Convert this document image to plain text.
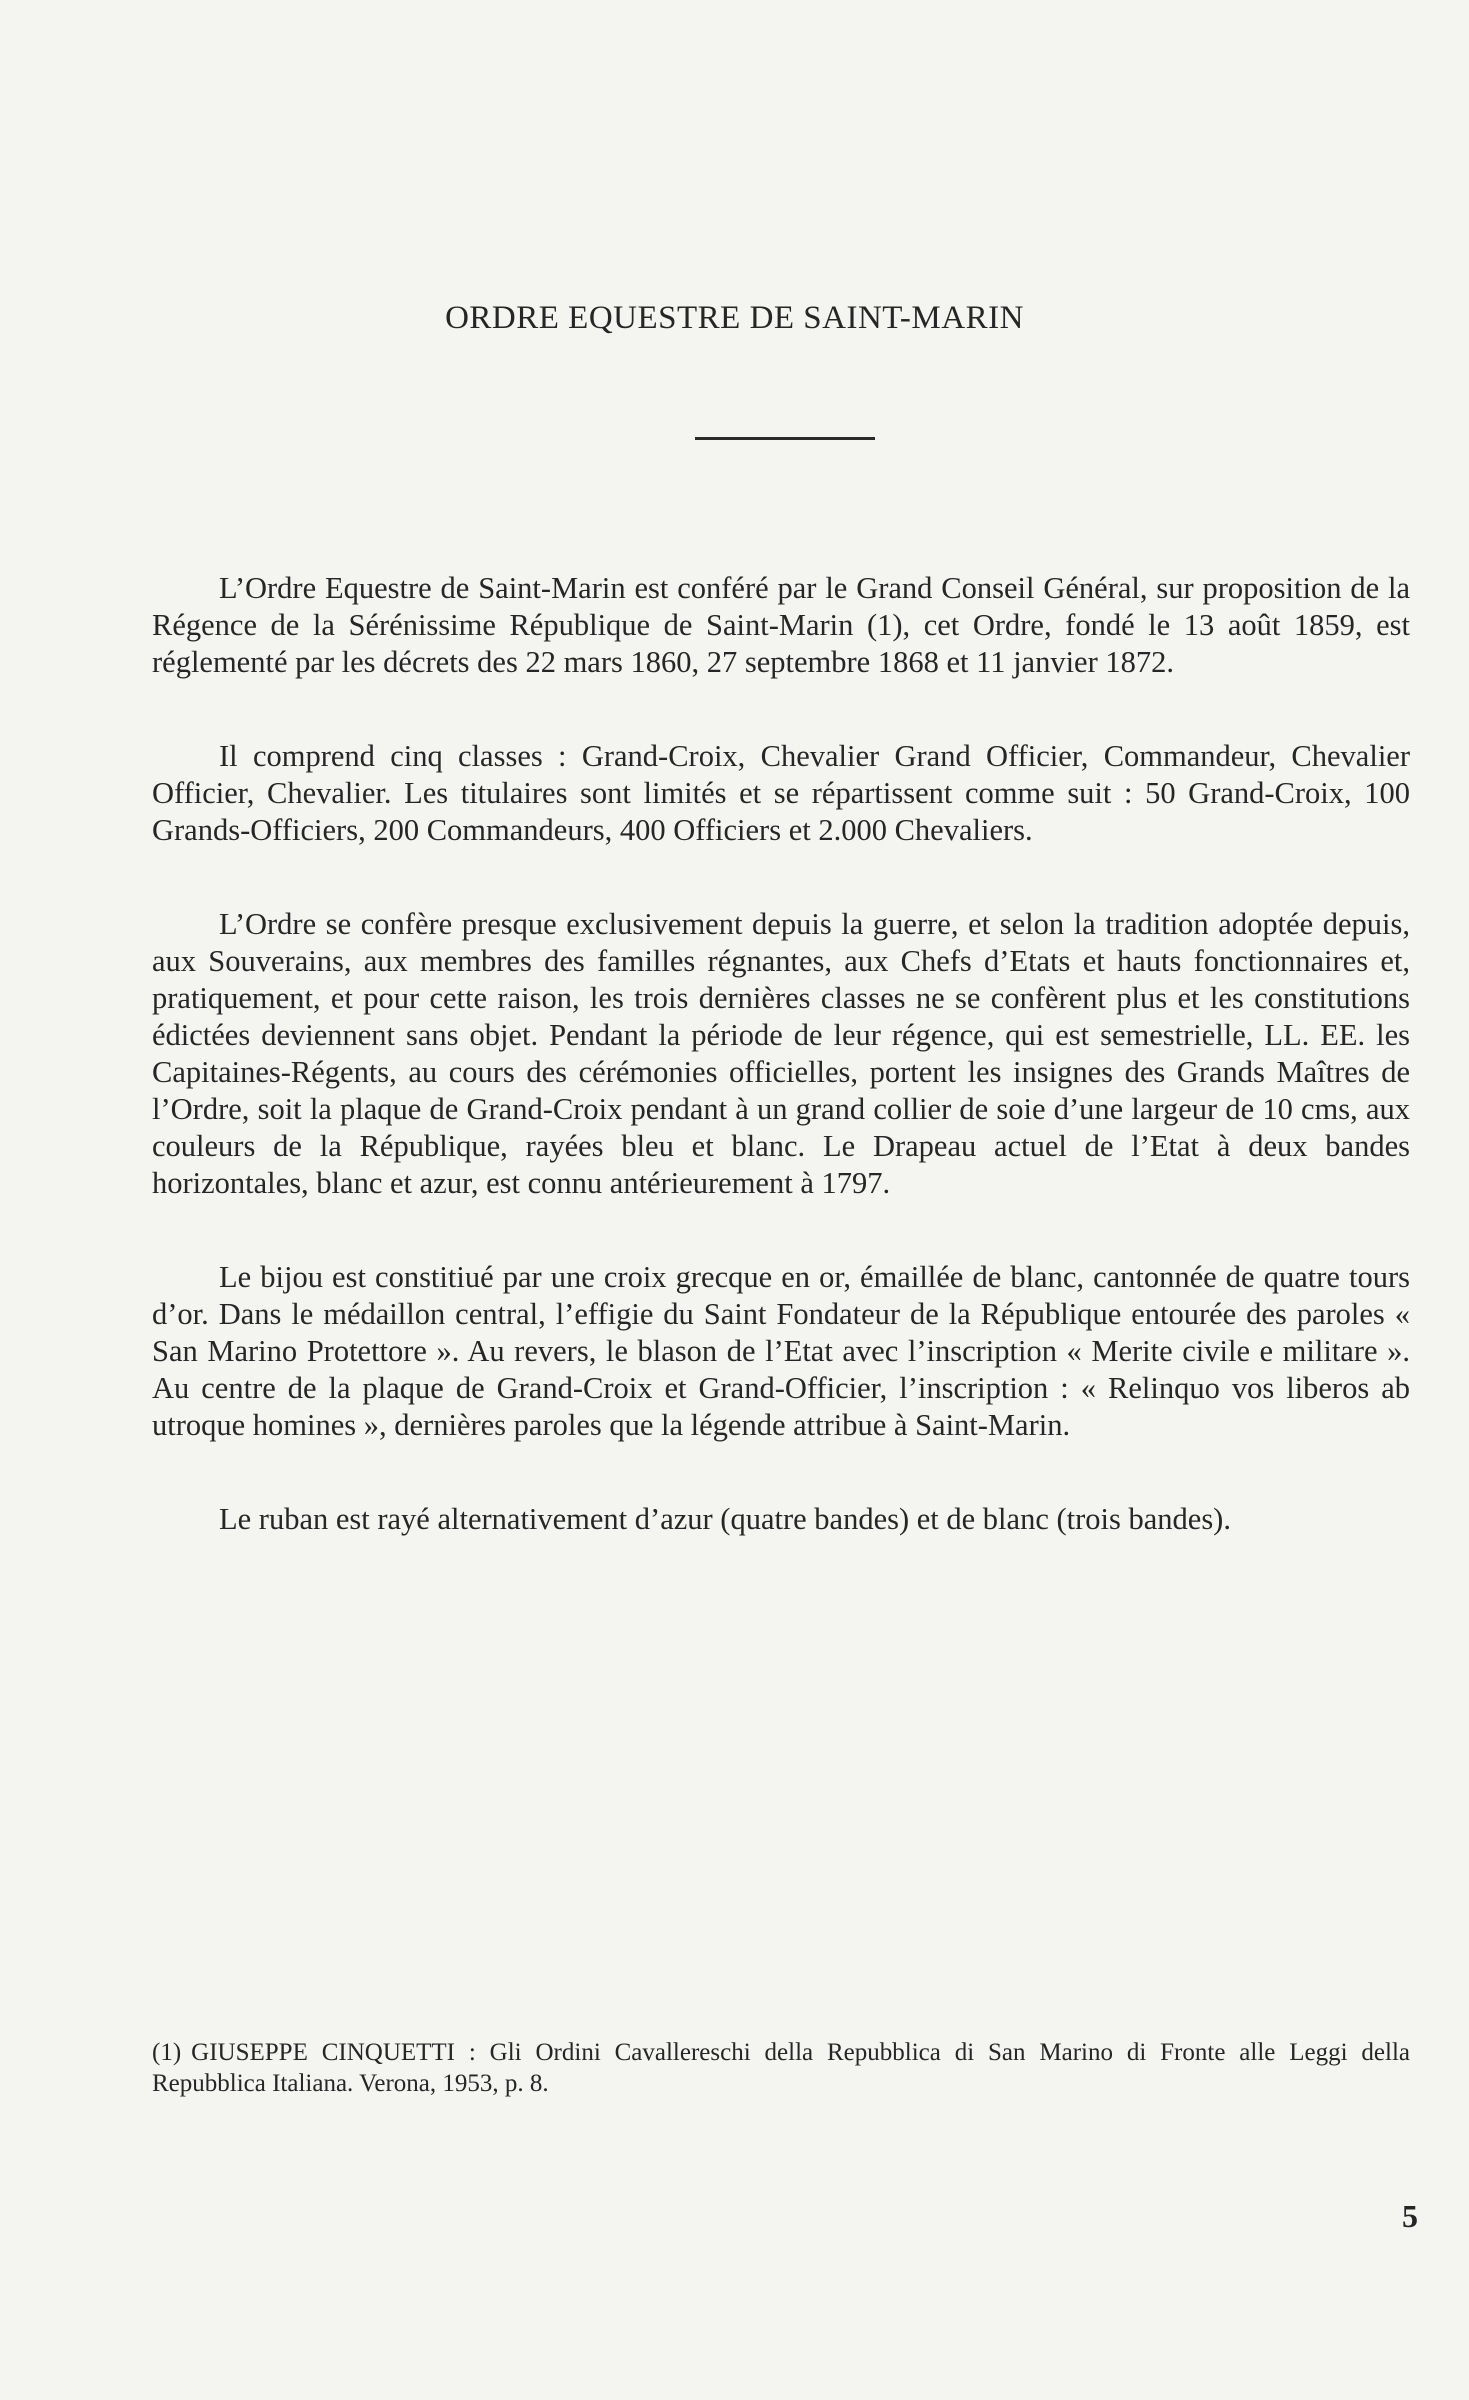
ORDRE EQUESTRE DE SAINT-MARIN

L’Ordre Equestre de Saint-Marin est conféré par le Grand Conseil Général, sur proposition de la Régence de la Sérénissime République de Saint-Marin (1), cet Ordre, fondé le 13 août 1859, est réglementé par les décrets des 22 mars 1860, 27 septembre 1868 et 11 janvier 1872.

Il comprend cinq classes : Grand-Croix, Chevalier Grand Officier, Commandeur, Chevalier Officier, Chevalier. Les titulaires sont limités et se répartissent comme suit : 50 Grand-Croix, 100 Grands-Officiers, 200 Commandeurs, 400 Officiers et 2.000 Chevaliers.

L’Ordre se confère presque exclusivement depuis la guerre, et selon la tradition adoptée depuis, aux Souverains, aux membres des familles régnantes, aux Chefs d’Etats et hauts fonctionnaires et, pratiquement, et pour cette raison, les trois dernières classes ne se confèrent plus et les constitutions édictées deviennent sans objet. Pendant la période de leur régence, qui est semestrielle, LL. EE. les Capitaines-Régents, au cours des cérémonies officielles, portent les insignes des Grands Maîtres de l’Ordre, soit la plaque de Grand-Croix pendant à un grand collier de soie d’une largeur de 10 cms, aux couleurs de la République, rayées bleu et blanc. Le Drapeau actuel de l’Etat à deux bandes horizontales, blanc et azur, est connu antérieurement à 1797.

Le bijou est constitiué par une croix grecque en or, émaillée de blanc, cantonnée de quatre tours d’or. Dans le médaillon central, l’effigie du Saint Fondateur de la République entourée des paroles « San Marino Protettore ». Au revers, le blason de l’Etat avec l’inscription « Merite civile e militare ». Au centre de la plaque de Grand-Croix et Grand-Officier, l’inscription : « Relinquo vos liberos ab utroque homines », dernières paroles que la légende attribue à Saint-Marin.

Le ruban est rayé alternativement d’azur (quatre bandes) et de blanc (trois bandes).

(1) GIUSEPPE CINQUETTI : Gli Ordini Cavallereschi della Repubblica di San Marino di Fronte alle Leggi della Repubblica Italiana. Verona, 1953, p. 8.
5
